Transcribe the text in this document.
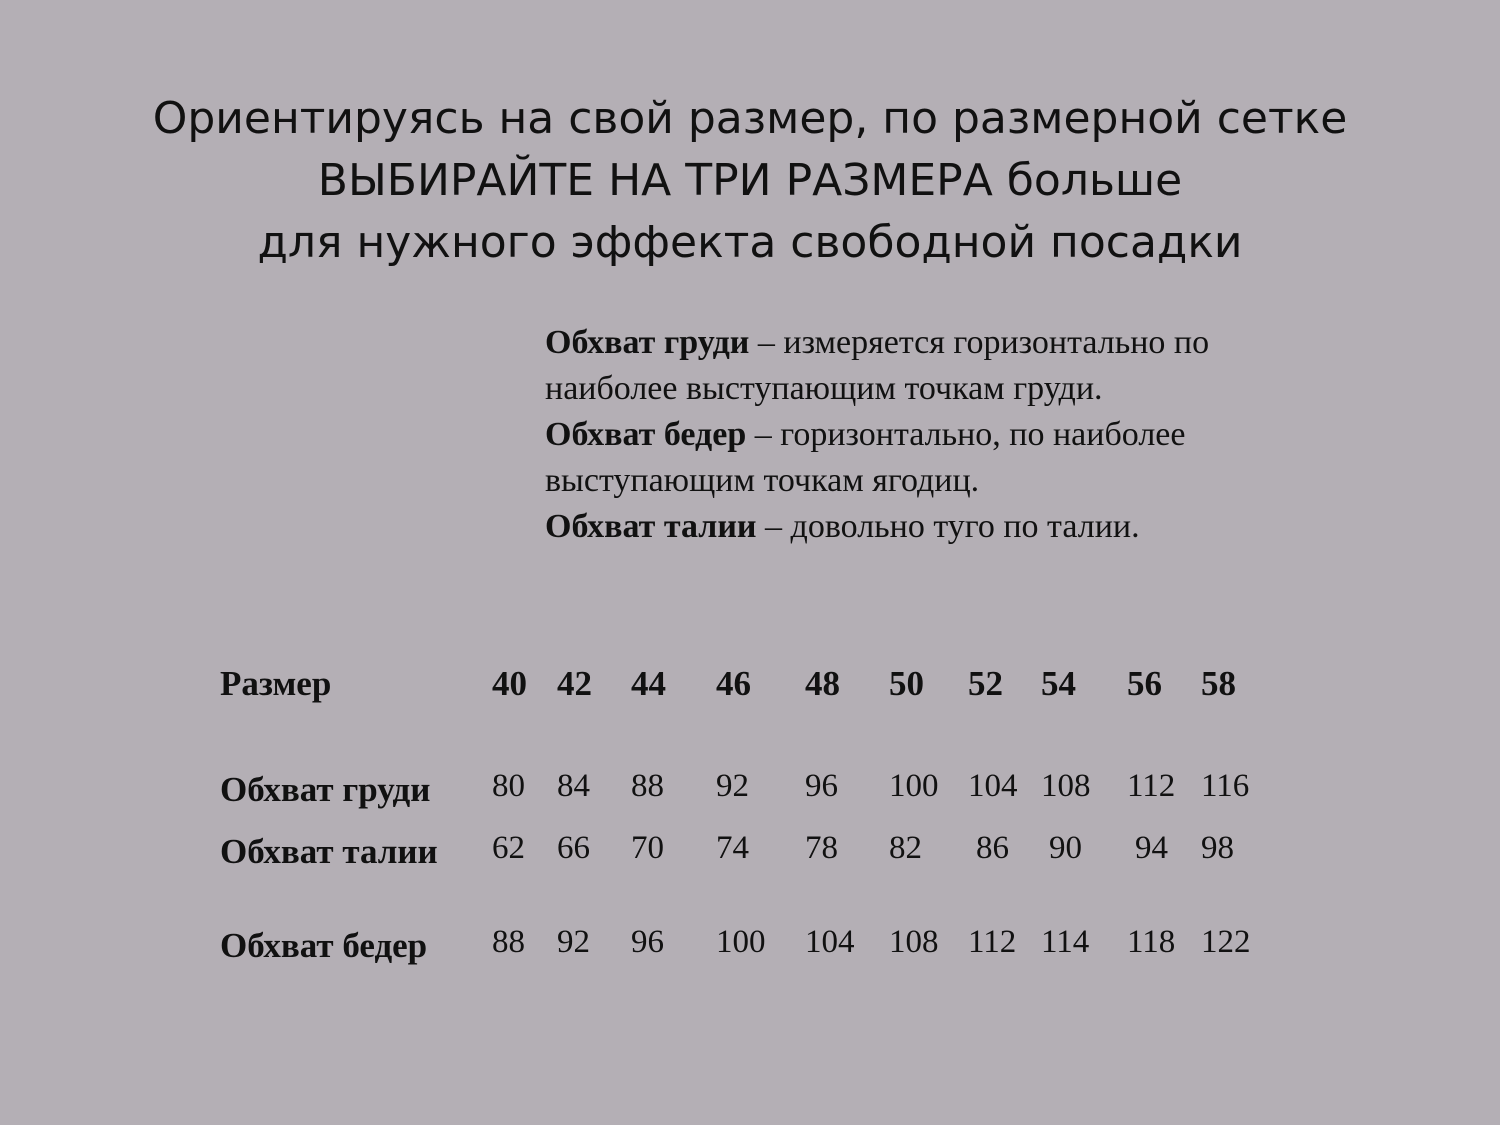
Ориентируясь на свой размер, по размерной сетке
ВЫБИРАЙТЕ НА ТРИ РАЗМЕРА больше
для нужного эффекта свободной посадки
Обхват груди – измеряется горизонтально по
наиболее выступающим точкам груди.
Обхват бедер – горизонтально, по наиболее
выступающим точкам ягодиц.
Обхват талии – довольно туго по талии.
Размер	40 42 44 46 48 50 52 54 56 58
Обхват груди 80 84 88 92 96 100 104 108 112 116
Обхват талии 62 66 70 74 78 82 86 90 94 98
Обхват бедер 88 92 96 100 104 108 112 114 118 122
